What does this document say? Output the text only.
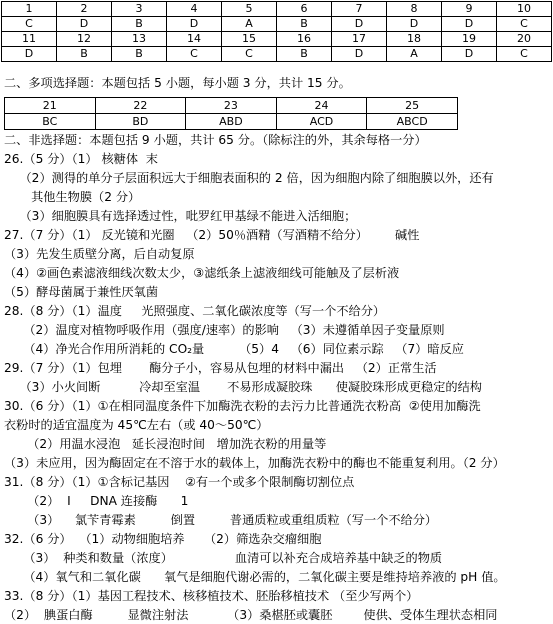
1	2	3	4	5	6	7	8	9	10
C	D	B	D	A	B	D	D	D	C
11	12	13	14	15	16	17	18	19	20
D	B	B	C	C	B	D	A	D	C
二、多项选择题：本题包括 5 小题，每小题 3 分，共计 15 分。
21	22	23	24	25
BC	BD	ABD	ACD	ABCD
二、非选择题：本题包括 9 小题，共计 65 分。（除标注的外，其余每格一分）
26.（5 分）（1） 核糖体  末
（2）测得的单分子层面积远大于细胞表面积的 2 倍，因为细胞内除了细胞膜以外，还有
其他生物膜（2 分）
（3）细胞膜具有选择透过性，吡罗红甲基绿不能进入活细胞；
27.（7 分）（1） 反光镜和光圈   （2）50％酒精（写酒精不给分）       碱性
（3）先发生质壁分离，后自动复原
（4）②画色素滤液细线次数太少，③滤纸条上滤液细线可能触及了层析液
（5）酵母菌属于兼性厌氧菌
28.（8 分）（1）温度     光照强度、二氧化碳浓度等（写一个不给分）
（2）温度对植物呼吸作用（强度/速率）的影响   （3）未遵循单因子变量原则
（4）净光合作用所消耗的 CO₂量         （5）4   （6）同位素示踪   （7）暗反应
29.（7 分）（1）包埋       酶分子小，容易从包埋的材料中漏出   （2）正常生活
（3）小火间断          冷却至室温       不易形成凝胶珠      使凝胶珠形成更稳定的结构
30.（6 分）（1）①在相同温度条件下加酶洗衣粉的去污力比普通洗衣粉高  ②使用加酶洗
衣粉时的适宜温度为 45℃左右（或 40～50℃）
（2）用温水浸泡   延长浸泡时间   增加洗衣粉的用量等
（3）未应用，因为酶固定在不溶于水的载体上，加酶洗衣粉中的酶也不能重复利用。（2 分）
31.（8 分）（1）①含标记基因    ②有一个或多个限制酶切割位点
（2）  Ⅰ     DNA 连接酶      1
（3）    氯苄青霉素         倒置         普通质粒或重组质粒（写一个不给分）
32.（6 分）  （1）动物细胞培养     （2）筛选杂交瘤细胞
（3）  种类和数量（浓度）                血清可以补充合成培养基中缺乏的物质
（4）氧气和二氧化碳      氧气是细胞代谢必需的，二氧化碳主要是维持培养液的 pH 值。
33.（8 分）（1）基因工程技术、核移植技术、胚胎移植技术 （至少写两个）
（2）  腆蛋白酶         显微注射法          （3）桑椹胚或囊胚        使供、受体生理状态相同
